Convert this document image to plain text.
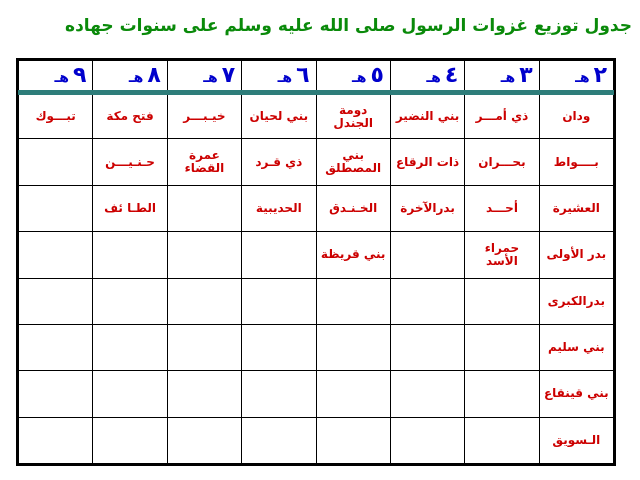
جدول توزيع غزوات الرسول صلى الله عليه وسلم على سنوات جهاده
٢هـ	٣هـ	٤هـ	٥هـ	٦هـ	٧هـ	٨هـ	٩هـ
ودان	ذي أمـــر	بني النضير	دومة الجندل	بني لحيان	خيـبـــر	فتح مكة	تبـــوك
بــــواط	بحـــران	ذات الرقاع	بني المصطلق	ذي قـرد	عمرة القضاء	حـنـيـــن	
العشيرة	أحـــد	بدرالآخرة	الخـنـدق	الحديبية		الطـا ئف	
بدر الأولى	حمراء الأسد		بني قريظة				
بدرالكبرى							
بني سليم							
بني قينقاع							
الـسويق							
